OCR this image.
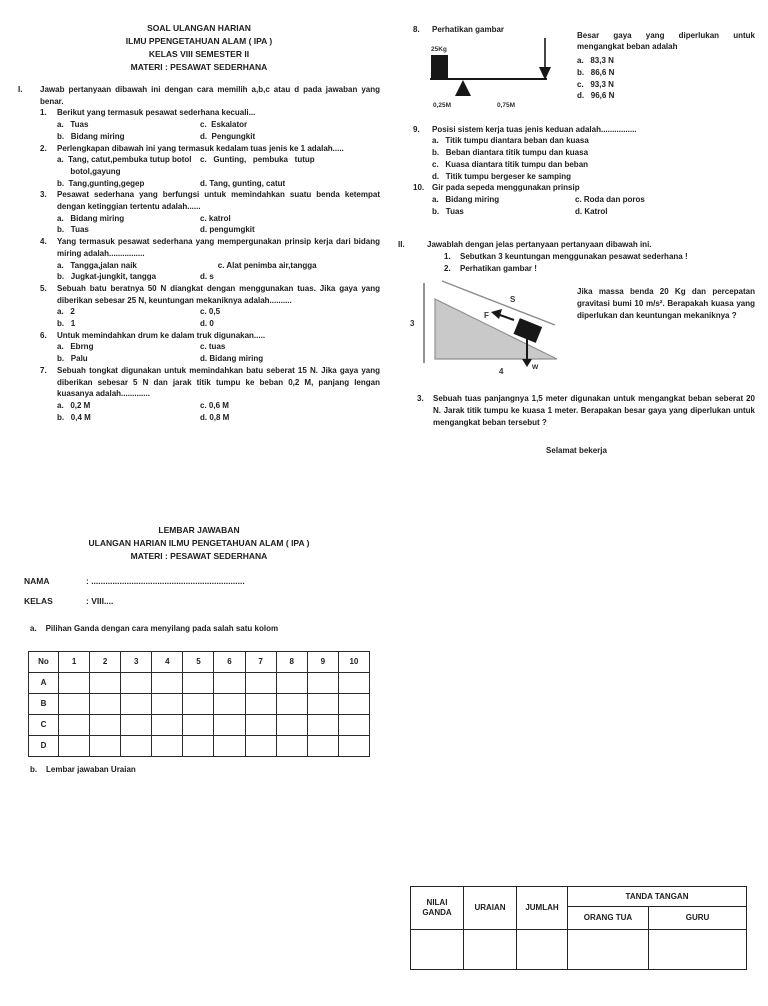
SOAL ULANGAN HARIAN
ILMU PPENGETAHUAN ALAM ( IPA )
KELAS VIII SEMESTER II
MATERI : PESAWAT SEDERHANA
I.	Jawab pertanyaan dibawah ini dengan cara memilih a,b,c atau d pada jawaban yang benar.
1.	Berikut yang termasuk pesawat sederhana kecuali...
a.   Tuas	c.  Eskalator
b.   Bidang miring	d.  Pengungkit
2.	Perlengkapan dibawah ini yang termasuk kedalam tuas jenis ke 1 adalah.....
a.  Tang, catut,pembuka tutup botol	c.   Gunting,   pembuka   tutup
botol,gayung
b.  Tang,gunting,gegep	d. Tang, gunting, catut
3.	Pesawat sederhana yang berfungsi untuk memindahkan suatu benda ketempat dengan ketinggian tertentu adalah......
a.   Bidang miring	c. katrol
b.   Tuas	d. pengumgkit
4.	Yang termasuk pesawat sederhana yang mempergunakan prinsip kerja dari bidang miring adalah................
a.   Tangga,jalan naik	c. Alat penimba air,tangga
b.   Jugkat-jungkit, tangga	d. s
5.	Sebuah batu beratnya 50 N diangkat dengan menggunakan tuas. Jika gaya yang diberikan sebesar 25 N, keuntungan mekaniknya adalah..........
a.   2	c. 0,5
b.   1	d. 0
6.	Untuk memindahkan drum ke dalam truk digunakan.....
a.   Ebrng	c. tuas
b.   Palu	d. Bidang miring
7.	Sebuah tongkat digunakan untuk memindahkan batu seberat 15 N. Jika gaya yang diberikan sebesar 5 N dan jarak titik tumpu ke beban 0,2 M, panjang lengan kuasanya adalah.............
a.   0,2 M	c. 0,6 M
b.   0,4 M	d. 0,8 M
8.	Perhatikan gambar
25Kg
0,25M	0,75M
Besar gaya yang diperlukan untuk mengangkat beban adalah
a.   83,3 N
b.   86,6 N
c.   93,3 N
d.   96,6 N
9.	Posisi sistem kerja tuas jenis keduan adalah................
a.   Titik tumpu diantara beban dan kuasa
b.   Beban diantara titik tumpu dan kuasa
c.   Kuasa diantara titik tumpu dan beban
d.   Titik tumpu bergeser ke samping
10. Gir pada sepeda menggunakan prinsip
a.   Bidang miring	c. Roda dan poros
b.   Tuas	d. Katrol
II.	Jawablah dengan jelas pertanyaan pertanyaan dibawah ini.
1.	Sebutkan 3 keuntungan menggunakan pesawat sederhana !
2.	Perhatikan gambar !
3
S
F
w
4
Jika massa benda 20 Kg dan percepatan gravitasi bumi 10 m/s². Berapakah kuasa yang diperlukan dan keuntungan mekaniknya ?
3.	Sebuah tuas panjangnya 1,5 meter digunakan untuk mengangkat beban seberat 20 N. Jarak titik tumpu ke kuasa 1 meter. Berapakan besar gaya yang diperlukan untuk mengangkat beban tersebut ?
Selamat bekerja
LEMBAR JAWABAN
ULANGAN HARIAN ILMU PENGETAHUAN ALAM ( IPA )
MATERI : PESAWAT SEDERHANA
NAMA	: .................................................................
KELAS	: VIII....
a.    Pilihan Ganda dengan cara menyilang pada salah satu kolom
No	1	2	3	4	5	6	7	8	9	10
A										
B										
C										
D										
b.    Lembar jawaban Uraian
NILAI GANDA	URAIAN	JUMLAH	TANDA TANGAN	
			ORANG TUA	GURU
